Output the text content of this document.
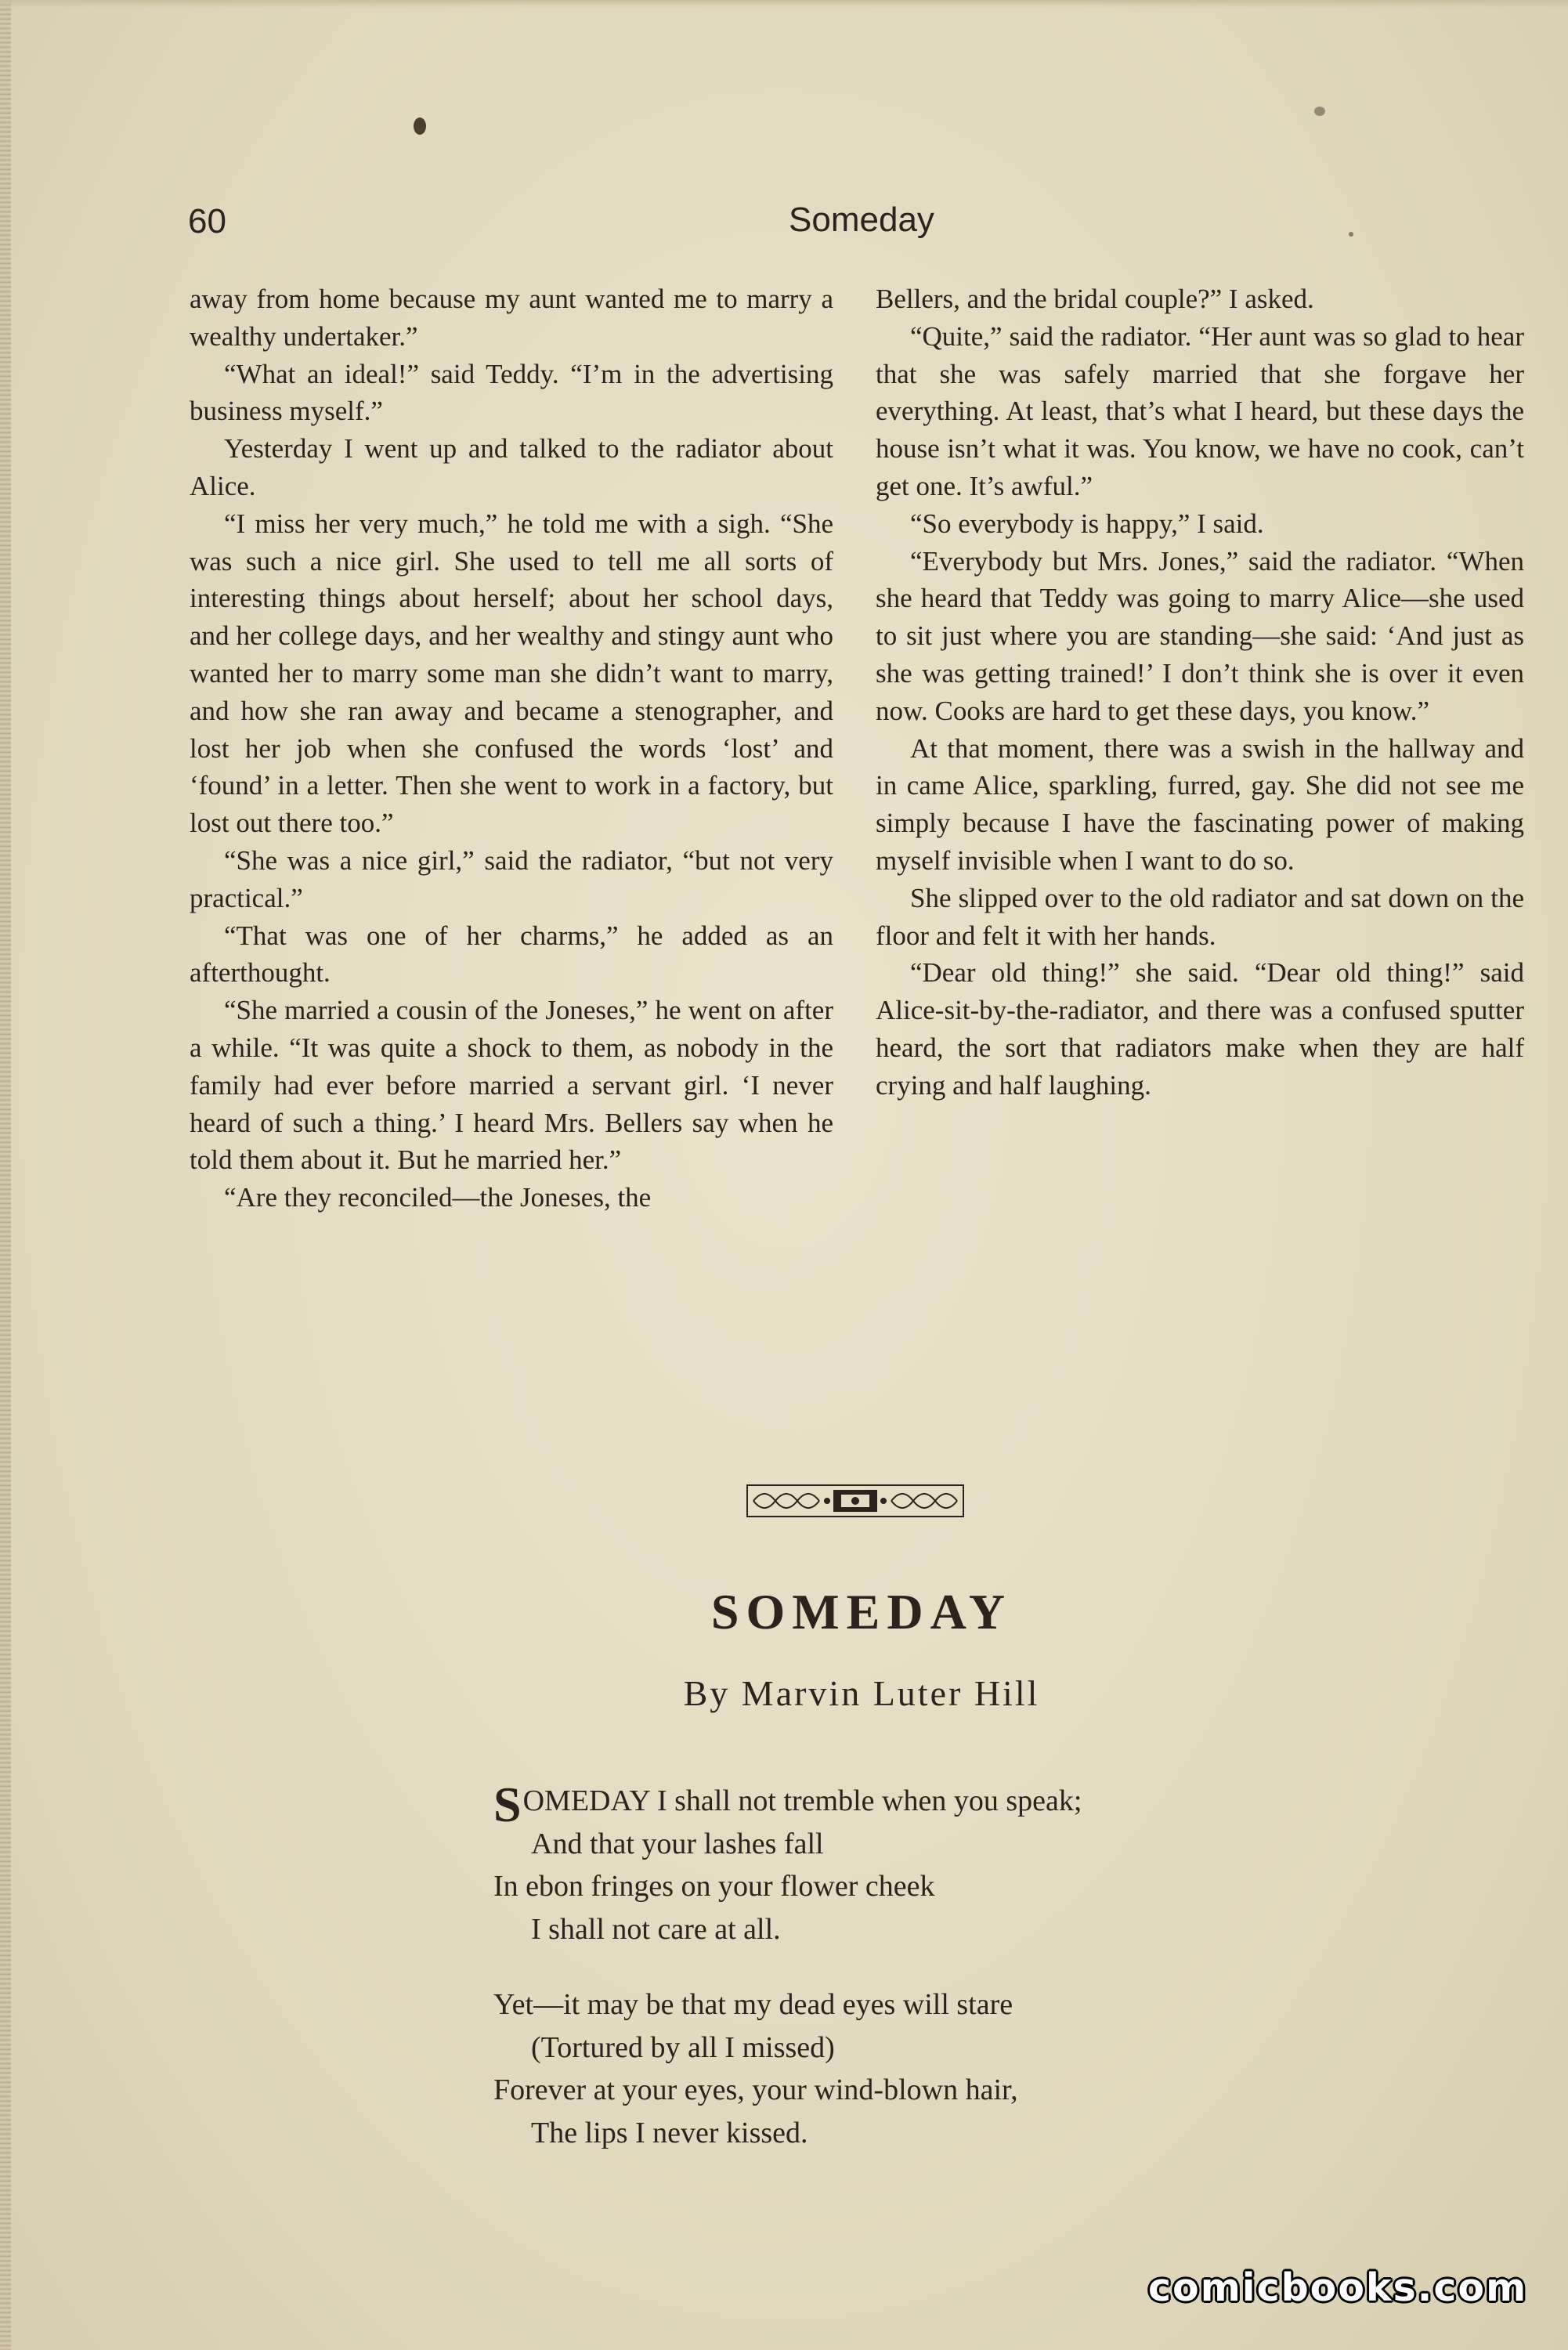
60	Someday

away from home because my aunt wanted me to marry a wealthy undertaker.”

“What an ideal!” said Teddy. “I’m in the advertising business myself.”

Yesterday I went up and talked to the radiator about Alice.

“I miss her very much,” he told me with a sigh. “She was such a nice girl. She used to tell me all sorts of interesting things about herself; about her school days, and her college days, and her wealthy and stingy aunt who wanted her to marry some man she didn’t want to marry, and how she ran away and became a stenographer, and lost her job when she confused the words ‘lost’ and ‘found’ in a letter. Then she went to work in a factory, but lost out there too.”

“She was a nice girl,” said the radiator, “but not very practical.”

“That was one of her charms,” he added as an afterthought.

“She married a cousin of the Joneses,” he went on after a while. “It was quite a shock to them, as nobody in the family had ever before married a servant girl. ‘I never heard of such a thing.’ I heard Mrs. Bellers say when he told them about it. But he married her.”

“Are they reconciled—the Joneses, the

Bellers, and the bridal couple?” I asked.

“Quite,” said the radiator. “Her aunt was so glad to hear that she was safely married that she forgave her everything. At least, that’s what I heard, but these days the house isn’t what it was. You know, we have no cook, can’t get one. It’s awful.”

“So everybody is happy,” I said.

“Everybody but Mrs. Jones,” said the radiator. “When she heard that Teddy was going to marry Alice—she used to sit just where you are standing—she said: ‘And just as she was getting trained!’ I don’t think she is over it even now. Cooks are hard to get these days, you know.”

At that moment, there was a swish in the hallway and in came Alice, sparkling, furred, gay. She did not see me simply because I have the fascinating power of making myself invisible when I want to do so.

She slipped over to the old radiator and sat down on the floor and felt it with her hands.

“Dear old thing!” she said. “Dear old thing!” said Alice-sit-by-the-radiator, and there was a confused sputter heard, the sort that radiators make when they are half crying and half laughing.

SOMEDAY
By Marvin Luter Hill
SOMEDAY I shall not tremble when you speak;
And that your lashes fall
In ebon fringes on your flower cheek
I shall not care at all.
Yet—it may be that my dead eyes will stare
(Tortured by all I missed)
Forever at your eyes, your wind-blown hair,
The lips I never kissed.
comicbooks.com
